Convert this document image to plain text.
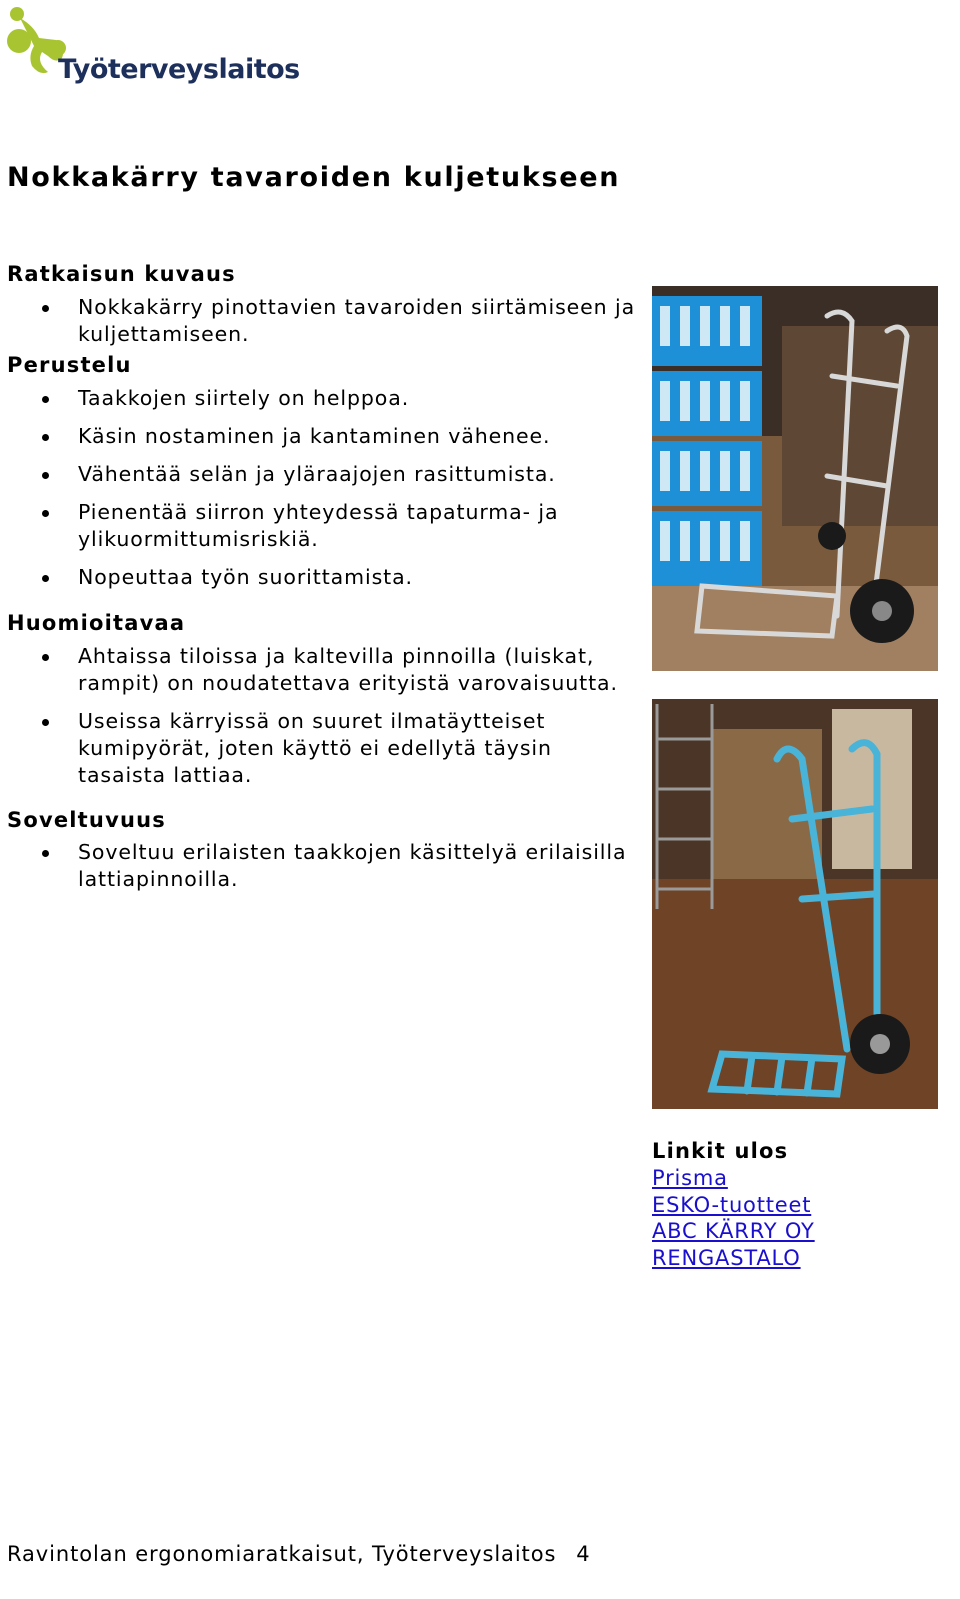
Työterveyslaitos
Nokkakärry tavaroiden kuljetukseen

Ratkaisun kuvaus

Nokkakärry pinottavien tavaroiden siirtämiseen ja
kuljettamiseen.

Perustelu

Taakkojen siirtely on helppoa.
Käsin nostaminen ja kantaminen vähenee.
Vähentää selän ja yläraajojen rasittumista.
Pienentää siirron yhteydessä tapaturma- ja
ylikuormittumisriskiä.
Nopeuttaa työn suorittamista.

Huomioitavaa

Ahtaissa tiloissa ja kaltevilla pinnoilla (luiskat,
rampit) on noudatettava erityistä varovaisuutta.
Useissa kärryissä on suuret ilmatäytteiset
kumipyörät, joten käyttö ei edellytä täysin
tasaista lattiaa.

Soveltuvuus

Soveltuu erilaisten taakkojen käsittelyä erilaisilla
lattiapinnoilla.
Linkit ulos
Prisma
ESKO-tuotteet
ABC KÄRRY OY
RENGASTALO
Ravintolan ergonomiaratkaisut, Työterveyslaitos 4
